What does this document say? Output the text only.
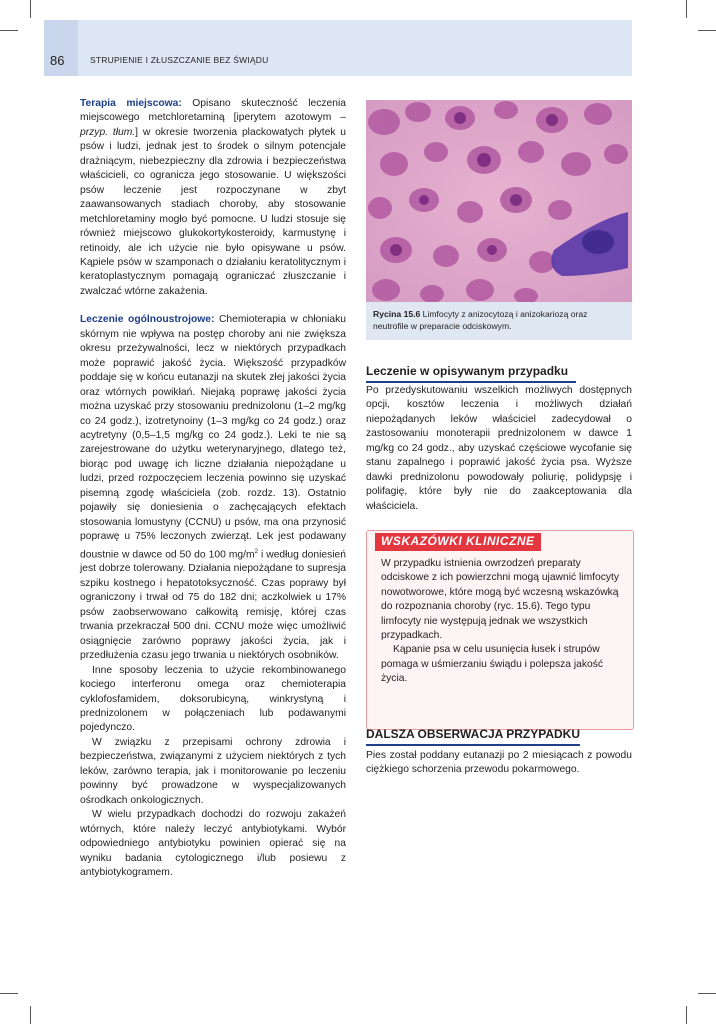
86	STRUPIENIE I ZŁUSZCZANIE BEZ ŚWIĄDU

Terapia miejscowa: Opisano skuteczność leczenia miejscowego metchloretaminą [iperytem azotowym – przyp. tłum.] w okresie tworzenia plackowatych płytek u psów i ludzi, jednak jest to środek o silnym potencjale drażniącym, niebezpieczny dla zdrowia i bezpieczeństwa właścicieli, co ogranicza jego stosowanie. U większości psów leczenie jest rozpoczynane w zbyt zaawansowanych stadiach choroby, aby stosowanie metchloretaminy mogło być pomocne. U ludzi stosuje się również miejscowo glukokortykosteroidy, karmustynę i retinoidy, ale ich użycie nie było opisywane u psów. Kąpiele psów w szamponach o działaniu keratolitycznym i keratoplastycznym pomagają ograniczać złuszczanie i zwalczać wtórne zakażenia.

Leczenie ogólnoustrojowe: Chemioterapia w chłoniaku skórnym nie wpływa na postęp choroby ani nie zwiększa okresu przeżywalności, lecz w niektórych przypadkach może poprawić jakość życia. Większość przypadków poddaje się w końcu eutanazji na skutek złej jakości życia oraz wtórnych powikłań. Niejaką poprawę jakości życia można uzyskać przy stosowaniu prednizolonu (1–2 mg/kg co 24 godz.), izotretynoiny (1–3 mg/kg co 24 godz.) oraz acytretyny (0,5–1,5 mg/kg co 24 godz.). Leki te nie są zarejestrowane do użytku weterynaryjnego, dlatego też, biorąc pod uwagę ich liczne działania niepożądane u ludzi, przed rozpoczęciem leczenia powinno się uzyskać pisemną zgodę właściciela (zob. rozdz. 13). Ostatnio pojawiły się doniesienia o zachęcających efektach stosowania lomustyny (CCNU) u psów, ma ona przynosić poprawę u 75% leczonych zwierząt. Lek jest podawany doustnie w dawce od 50 do 100 $mg/m^2$ i według doniesień jest dobrze tolerowany. Działania niepożądane to supresja szpiku kostnego i hepatotoksyczność. Czas poprawy był ograniczony i trwał od 75 do 182 dni; aczkolwiek u 17% psów zaobserwowano całkowitą remisję, której czas trwania przekraczał 500 dni. CCNU może więc umożliwić osiągnięcie zarówno poprawy jakości życia, jak i przedłużenia czasu jego trwania u niektórych osobników.

Inne sposoby leczenia to użycie rekombinowanego kociego interferonu omega oraz chemioterapia cyklofosfamidem, doksorubicyną, winkrystyną i prednizolonem w połączeniach lub podawanymi pojedynczo.

W związku z przepisami ochrony zdrowia i bezpieczeństwa, związanymi z użyciem niektórych z tych leków, zarówno terapia, jak i monitorowanie po leczeniu powinny być prowadzone w wyspecjalizowanych ośrodkach onkologicznych.

W wielu przypadkach dochodzi do rozwoju zakażeń wtórnych, które należy leczyć antybiotykami. Wybór odpowiedniego antybiotyku powinien opierać się na wyniku badania cytologicznego i/lub posiewu z antybiotykogramem.

Rycina 15.6 Limfocyty z anizocytozą i anizokariozą oraz neutrofile w preparacie odciskowym.
Leczenie w opisywanym przypadku

Po przedyskutowaniu wszelkich możliwych dostępnych opcji, kosztów leczenia i możliwych działań niepożądanych leków właściciel zadecydował o zastosowaniu monoterapii prednizolonem w dawce 1 mg/kg co 24 godz., aby uzyskać częściowe wycofanie się stanu zapalnego i poprawić jakość życia psa. Wyższe dawki prednizolonu powodowały poliurię, polidypsję i polifagię, które były nie do zaakceptowania dla właściciela.

WSKAZÓWKI KLINICZNE

W przypadku istnienia owrzodzeń preparaty odciskowe z ich powierzchni mogą ujawnić limfocyty nowotworowe, które mogą być wczesną wskazówką do rozpoznania choroby (ryc. 15.6). Tego typu limfocyty nie występują jednak we wszystkich przypadkach.

Kąpanie psa w celu usunięcia łusek i strupów pomaga w uśmierzaniu świądu i polepsza jakość życia.

DALSZA OBSERWACJA PRZYPADKU

Pies został poddany eutanazji po 2 miesiącach z powodu ciężkiego schorzenia przewodu pokarmowego.
